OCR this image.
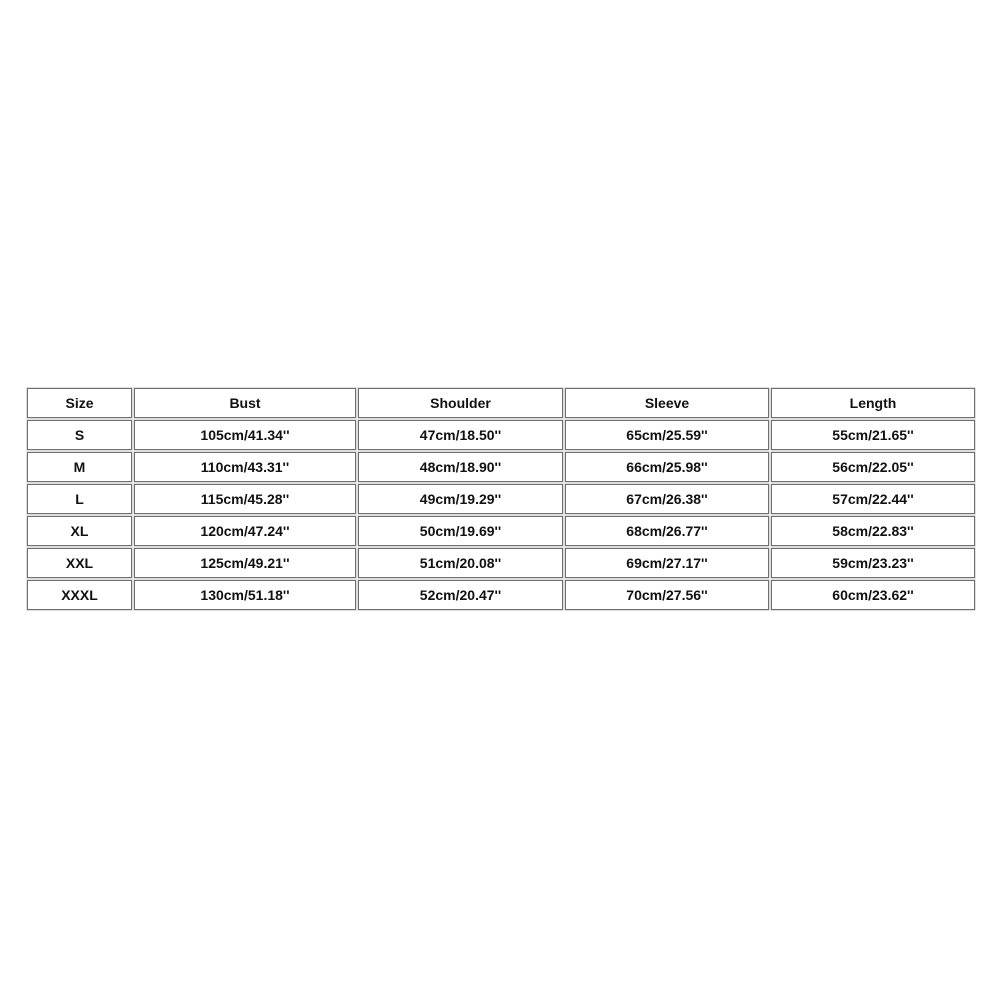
Size	Bust	Shoulder	Sleeve	Length
S	105cm/41.34''	47cm/18.50''	65cm/25.59''	55cm/21.65''
M	110cm/43.31''	48cm/18.90''	66cm/25.98''	56cm/22.05''
L	115cm/45.28''	49cm/19.29''	67cm/26.38''	57cm/22.44''
XL	120cm/47.24''	50cm/19.69''	68cm/26.77''	58cm/22.83''
XXL	125cm/49.21''	51cm/20.08''	69cm/27.17''	59cm/23.23''
XXXL	130cm/51.18''	52cm/20.47''	70cm/27.56''	60cm/23.62''
